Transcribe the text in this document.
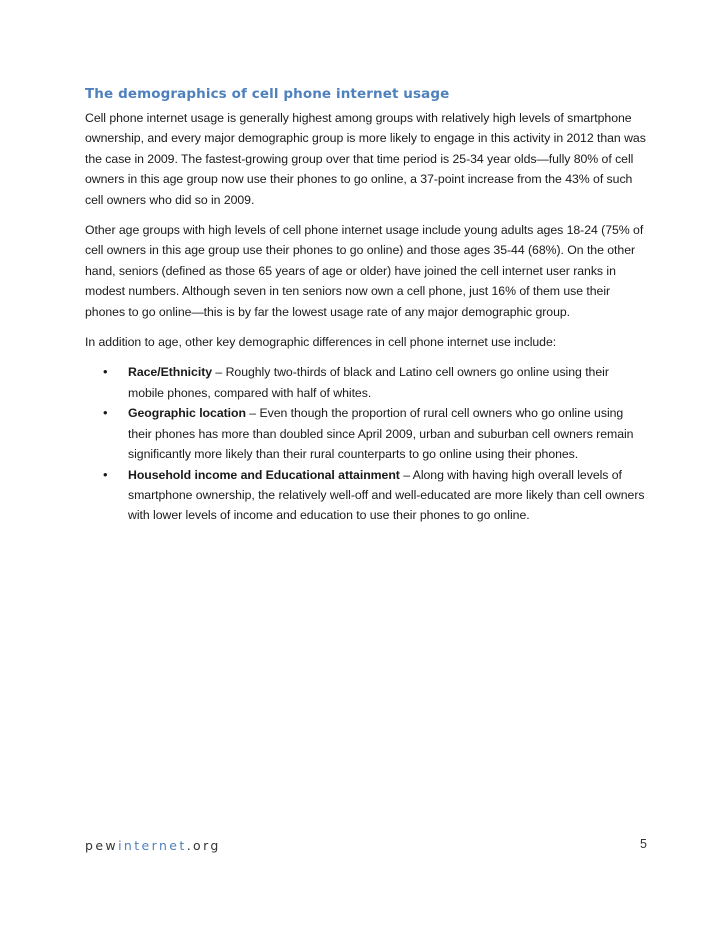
The demographics of cell phone internet usage

Cell phone internet usage is generally highest among groups with relatively high levels of smartphone ownership, and every major demographic group is more likely to engage in this activity in 2012 than was the case in 2009. The fastest-growing group over that time period is 25-34 year olds—fully 80% of cell owners in this age group now use their phones to go online, a 37-point increase from the 43% of such cell owners who did so in 2009.

Other age groups with high levels of cell phone internet usage include young adults ages 18-24 (75% of cell owners in this age group use their phones to go online) and those ages 35-44 (68%). On the other hand, seniors (defined as those 65 years of age or older) have joined the cell internet user ranks in modest numbers. Although seven in ten seniors now own a cell phone, just 16% of them use their phones to go online—this is by far the lowest usage rate of any major demographic group.

In addition to age, other key demographic differences in cell phone internet use include:

• Race/Ethnicity – Roughly two-thirds of black and Latino cell owners go online using their mobile phones, compared with half of whites.
• Geographic location – Even though the proportion of rural cell owners who go online using their phones has more than doubled since April 2009, urban and suburban cell owners remain significantly more likely than their rural counterparts to go online using their phones.
• Household income and Educational attainment – Along with having high overall levels of smartphone ownership, the relatively well-off and well-educated are more likely than cell owners with lower levels of income and education to use their phones to go online.
pewinternet.org	5
